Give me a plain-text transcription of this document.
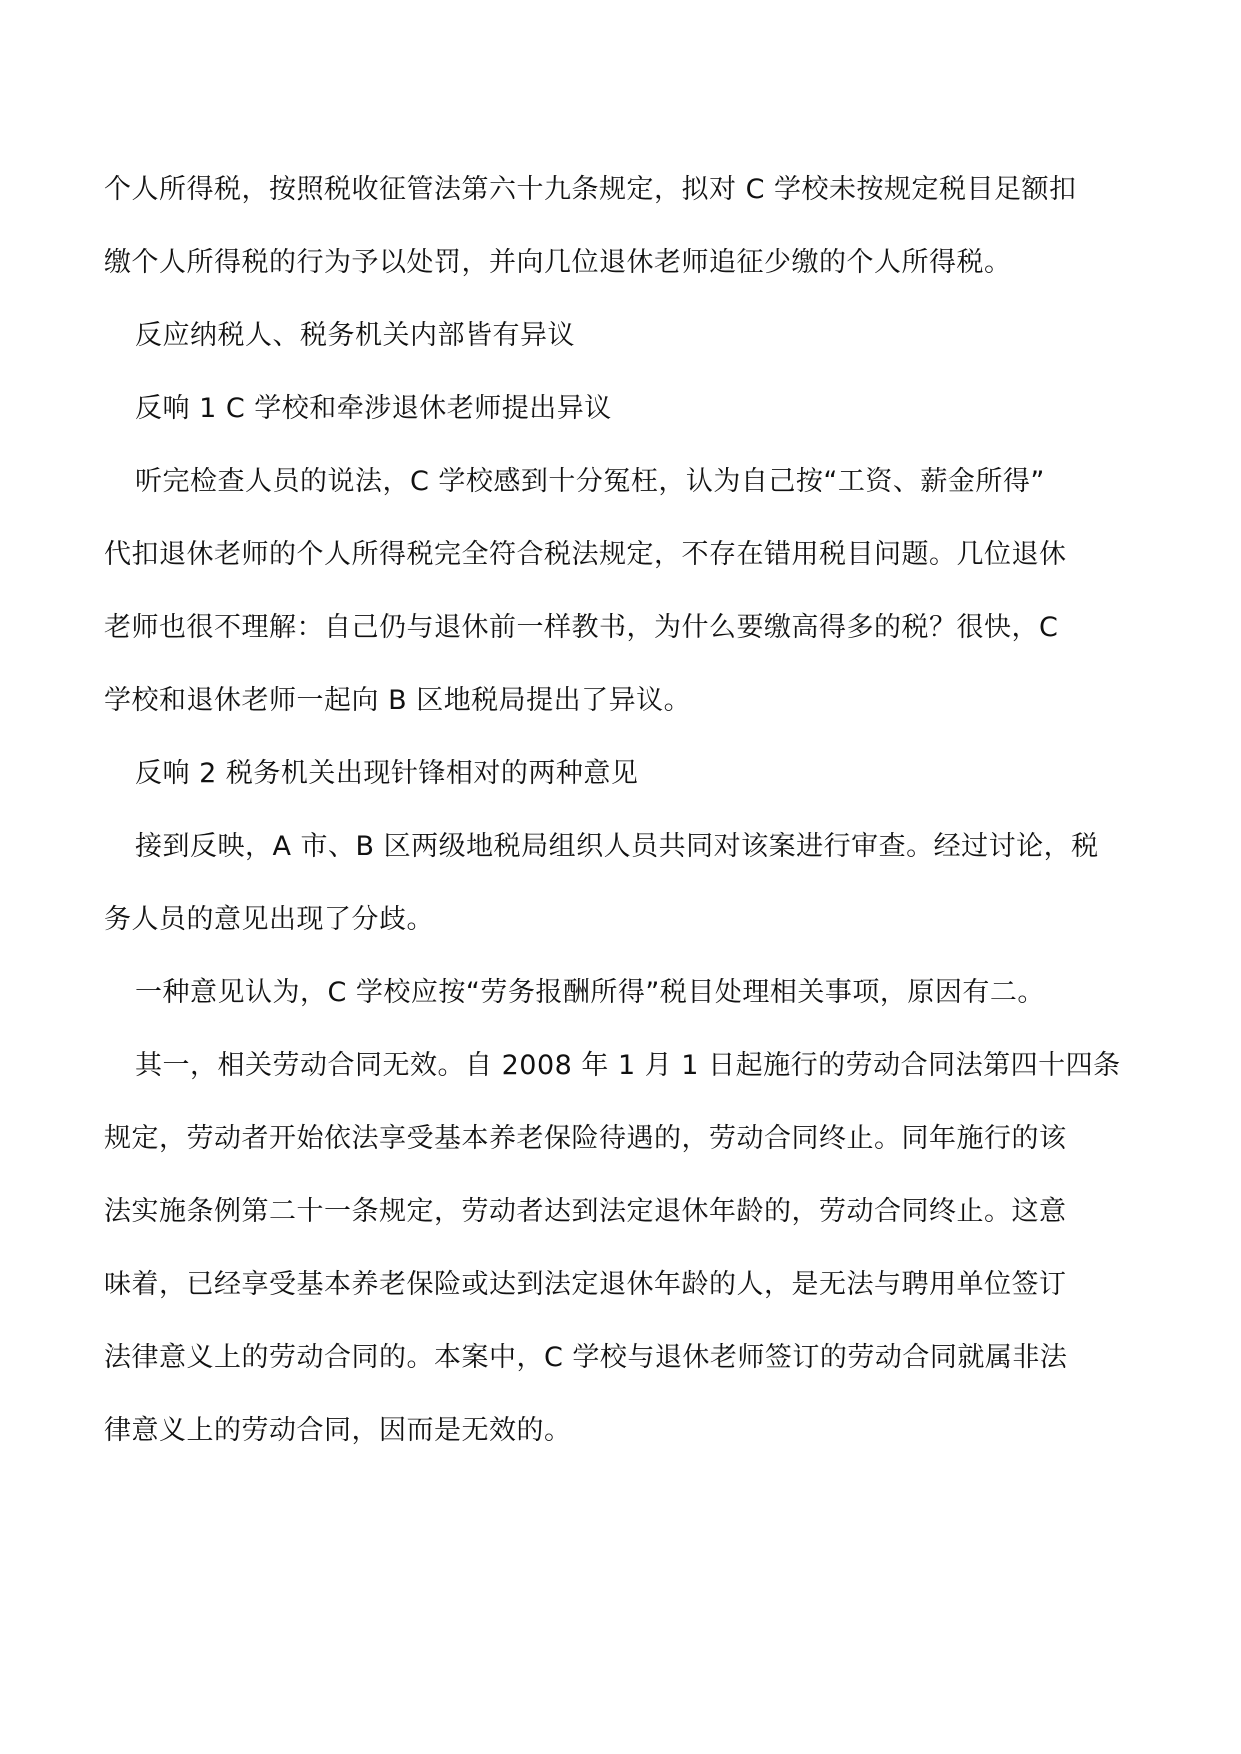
个人所得税，按照税收征管法第六十九条规定，拟对 C 学校未按规定税目足额扣
缴个人所得税的行为予以处罚，并向几位退休老师追征少缴的个人所得税。
反应纳税人、税务机关内部皆有异议
反响 1 C 学校和牵涉退休老师提出异议
听完检查人员的说法，C 学校感到十分冤枉，认为自己按“工资、薪金所得”
代扣退休老师的个人所得税完全符合税法规定，不存在错用税目问题。几位退休
老师也很不理解：自己仍与退休前一样教书，为什么要缴高得多的税？很快，C
学校和退休老师一起向 B 区地税局提出了异议。
反响 2 税务机关出现针锋相对的两种意见
接到反映，A 市、B 区两级地税局组织人员共同对该案进行审查。经过讨论，税
务人员的意见出现了分歧。
一种意见认为，C 学校应按“劳务报酬所得”税目处理相关事项，原因有二。
其一，相关劳动合同无效。自 2008 年 1 月 1 日起施行的劳动合同法第四十四条
规定，劳动者开始依法享受基本养老保险待遇的，劳动合同终止。同年施行的该
法实施条例第二十一条规定，劳动者达到法定退休年龄的，劳动合同终止。这意
味着，已经享受基本养老保险或达到法定退休年龄的人，是无法与聘用单位签订
法律意义上的劳动合同的。本案中，C 学校与退休老师签订的劳动合同就属非法
律意义上的劳动合同，因而是无效的。
